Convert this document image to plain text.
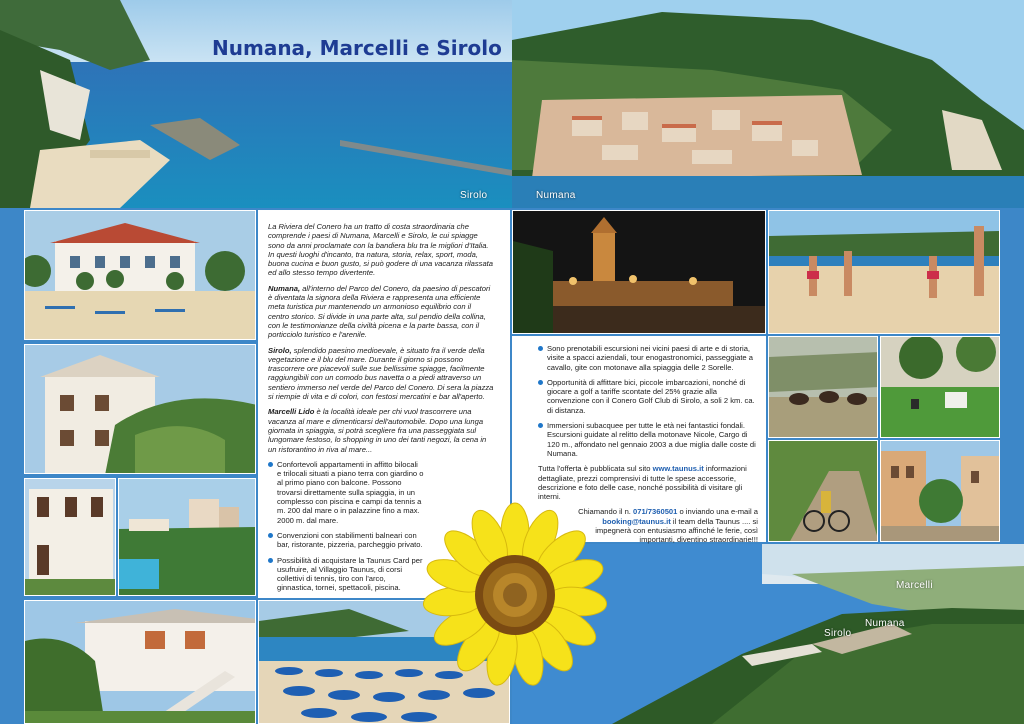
Sirolo	Numana
Numana, Marcelli e Sirolo

La Riviera del Conero ha un tratto di costa straordinaria che comprende i paesi di Numana, Marcelli e Sirolo, le cui spiagge sono da anni proclamate con la bandiera blu tra le migliori d'Italia. In questi luoghi d'incanto, tra natura, storia, relax, sport, moda, buona cucina e buon gusto, si può godere di una vacanza rilassata ed allo stesso tempo divertente.

Numana, all'interno del Parco del Conero, da paesino di pescatori è diventata la signora della Riviera e rappresenta una efficiente meta turistica pur mantenendo un armonioso equilibrio con il centro storico. Si divide in una parte alta, sul pendio della collina, con le testimonianze della civiltà picena e la parte bassa, con il porticciolo turistico e l'arenile.

Sirolo, splendido paesino medioevale, è situato fra il verde della vegetazione e il blu del mare. Durante il giorno si possono trascorrere ore piacevoli sulle sue bellissime spiagge, facilmente raggiungibili con un comodo bus navetta o a piedi attraverso un sentiero immerso nel verde del Parco del Conero. Di sera la piazza si riempie di vita e di colori, con festosi mercatini e bar all'aperto.

Marcelli Lido è la località ideale per chi vuol trascorrere una vacanza al mare e dimenticarsi dell'automobile. Dopo una lunga giornata in spiaggia, si potrà scegliere fra una passeggiata sul lungomare festoso, lo shopping in uno dei tanti negozi, la cena in un ristorantino in riva al mare...

Confortevoli appartamenti in affitto bilocali e trilocali situati a piano terra con giardino o al primo piano con balcone. Possono trovarsi direttamente sulla spiaggia, in un complesso con piscina e campi da tennis a m. 200 dal mare o in palazzine fino a max. 2000 m. dal mare.

Convenzioni con stabilimenti balneari con bar, ristorante, pizzeria, parcheggio privato.

Possibilità di acquistare la Taunus Card per usufruire, al Villaggio Taunus, di corsi collettivi di tennis, tiro con l'arco, ginnastica, tornei, spettacoli, piscina.

Sono prenotabili escursioni nei vicini paesi di arte e di storia, visite a spacci aziendali, tour enogastronomici, passeggiate a cavallo, gite con motonave alla spiaggia delle 2 Sorelle.

Opportunità di affittare bici, piccole imbarcazioni, nonché di giocare a golf a tariffe scontate del 25% grazie alla convenzione con il Conero Golf Club di Sirolo, a soli 2 km. ca. di distanza.

Immersioni subacquee per tutte le età nei fantastici fondali. Escursioni guidate al relitto della motonave Nicole, Cargo di 120 m., affondato nel gennaio 2003 a due miglia dalle coste di Numana.

Tutta l'offerta è pubblicata sul sito www.taunus.it informazioni dettagliate, prezzi comprensivi di tutte le spese accessorie, descrizione e foto delle case, nonché possibilità di visitare gli interni.

Chiamando il n. 071/7360501 o inviando una e-mail a
booking@taunus.it il team della Taunus .... si impegnerà con entusiasmo affinché le ferie, così importanti, diventino straordinarie!!!

Marcelli
Numana
Sirolo
